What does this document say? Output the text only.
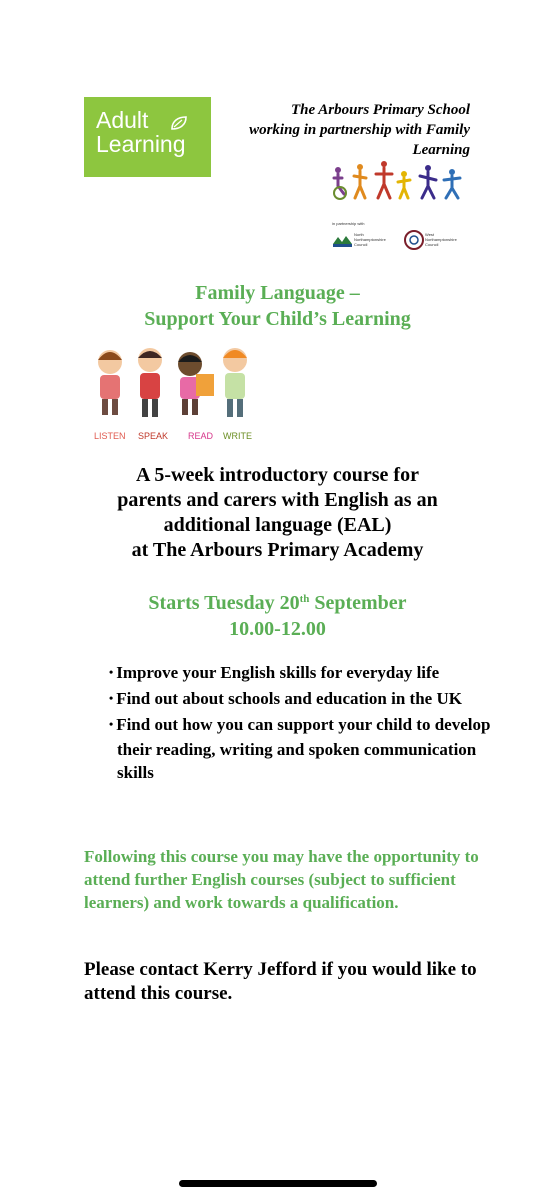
Adult
Learning
The Arbours Primary School
working in partnership with Family
Learning
in partnership with
North
Northamptonshire
Council
West
Northamptonshire
Council
Family Language –
Support Your Child’s Learning
LISTEN SPEAK READ WRITE
A 5-week introductory course for
parents and carers with English as an
additional language (EAL)
at The Arbours Primary Academy
Starts Tuesday 20th September
10.00-12.00
• Improve your English skills for everyday life
• Find out about schools and education in the UK
• Find out how you can support your child to develop their reading, writing and spoken communication skills
Following this course you may have the opportunity to attend further English courses (subject to sufficient learners) and work towards a qualification.
Please contact Kerry Jefford if you would like to attend this course.
